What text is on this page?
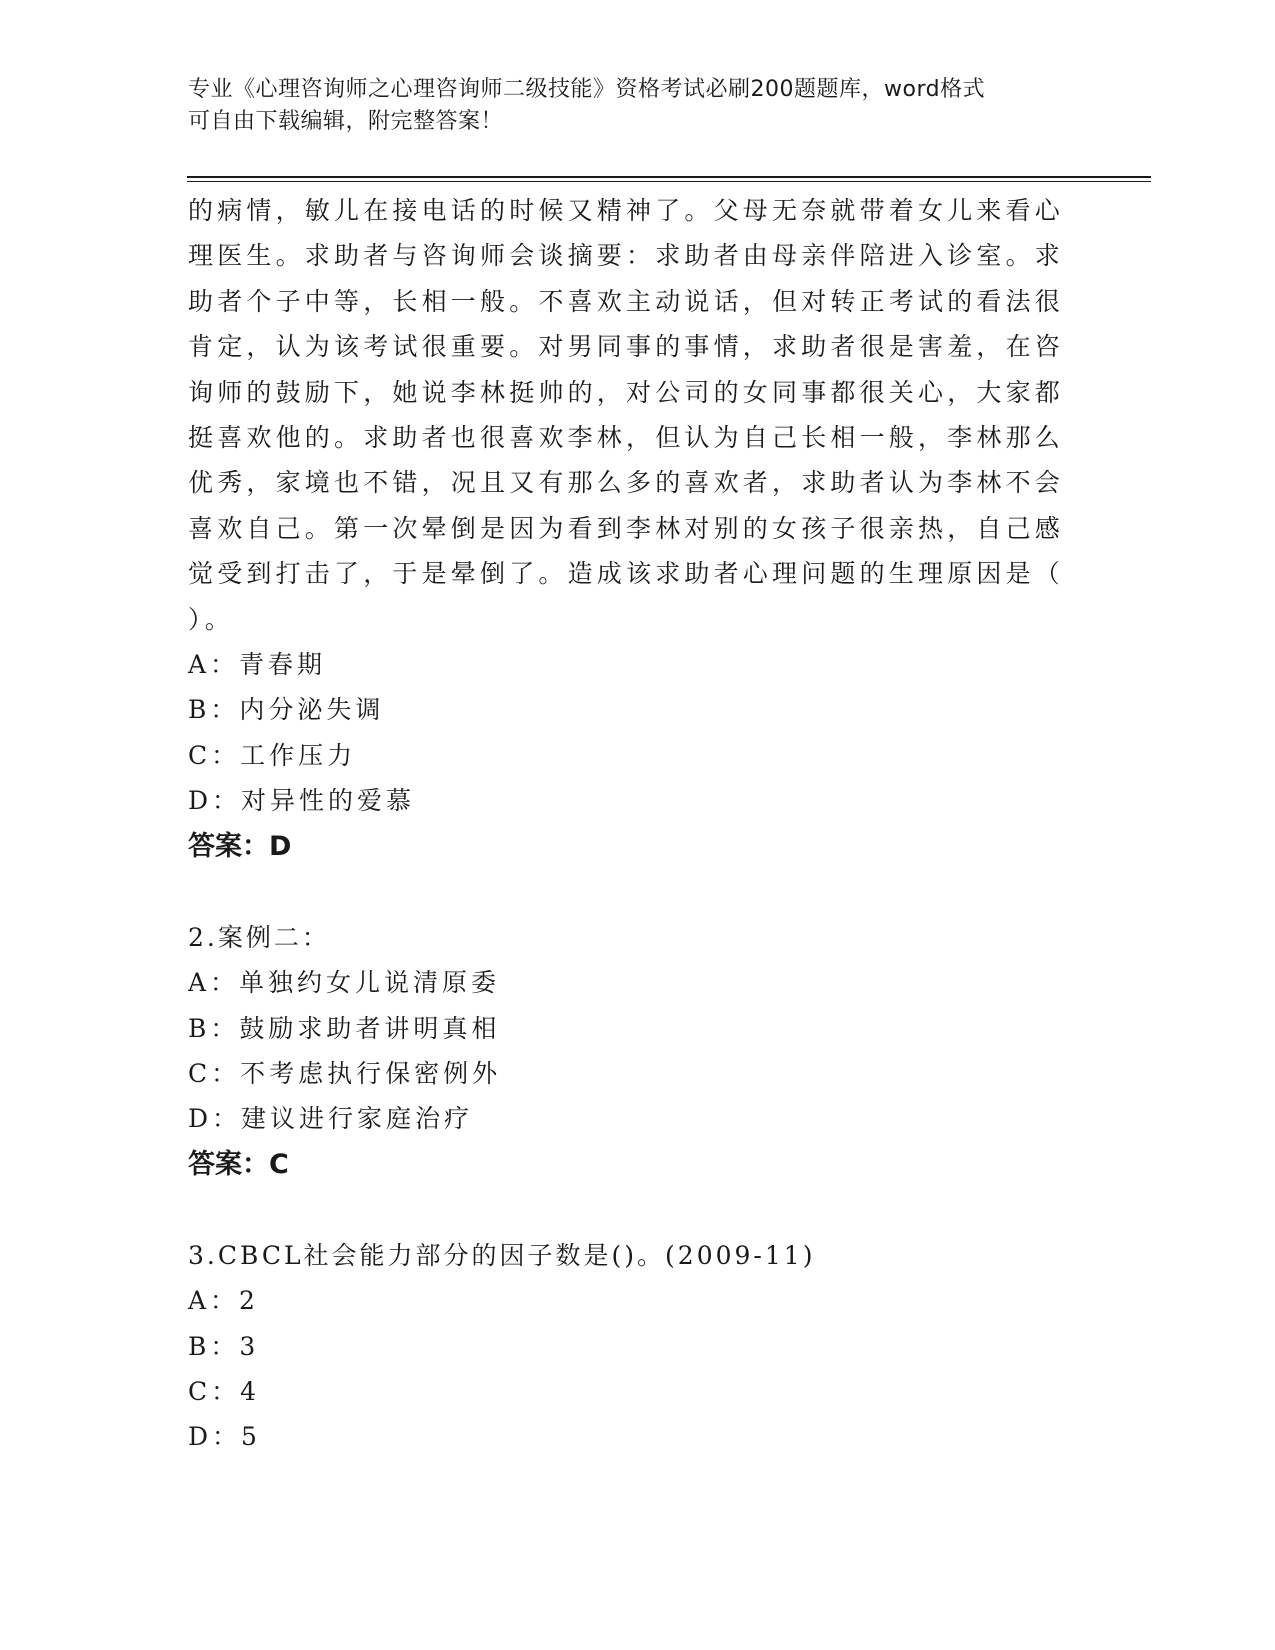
专业《心理咨询师之心理咨询师二级技能》资格考试必刷200题题库，word格式
可自由下载编辑，附完整答案！
的病情，敏儿在接电话的时候又精神了。父母无奈就带着女儿来看心
理医生。求助者与咨询师会谈摘要：求助者由母亲伴陪进入诊室。求
助者个子中等，长相一般。不喜欢主动说话，但对转正考试的看法很
肯定，认为该考试很重要。对男同事的事情，求助者很是害羞，在咨
询师的鼓励下，她说李林挺帅的，对公司的女同事都很关心，大家都
挺喜欢他的。求助者也很喜欢李林，但认为自己长相一般，李林那么
优秀，家境也不错，况且又有那么多的喜欢者，求助者认为李林不会
喜欢自己。第一次晕倒是因为看到李林对别的女孩子很亲热，自己感
觉受到打击了，于是晕倒了。造成该求助者心理问题的生理原因是（
）。
A：青春期
B：内分泌失调
C：工作压力
D：对异性的爱慕
答案：D
2.案例二：
A：单独约女儿说清原委
B：鼓励求助者讲明真相
C：不考虑执行保密例外
D：建议进行家庭治疗
答案：C
3.CBCL社会能力部分的因子数是()。(2009-11)
A：2
B：3
C：4
D：5
